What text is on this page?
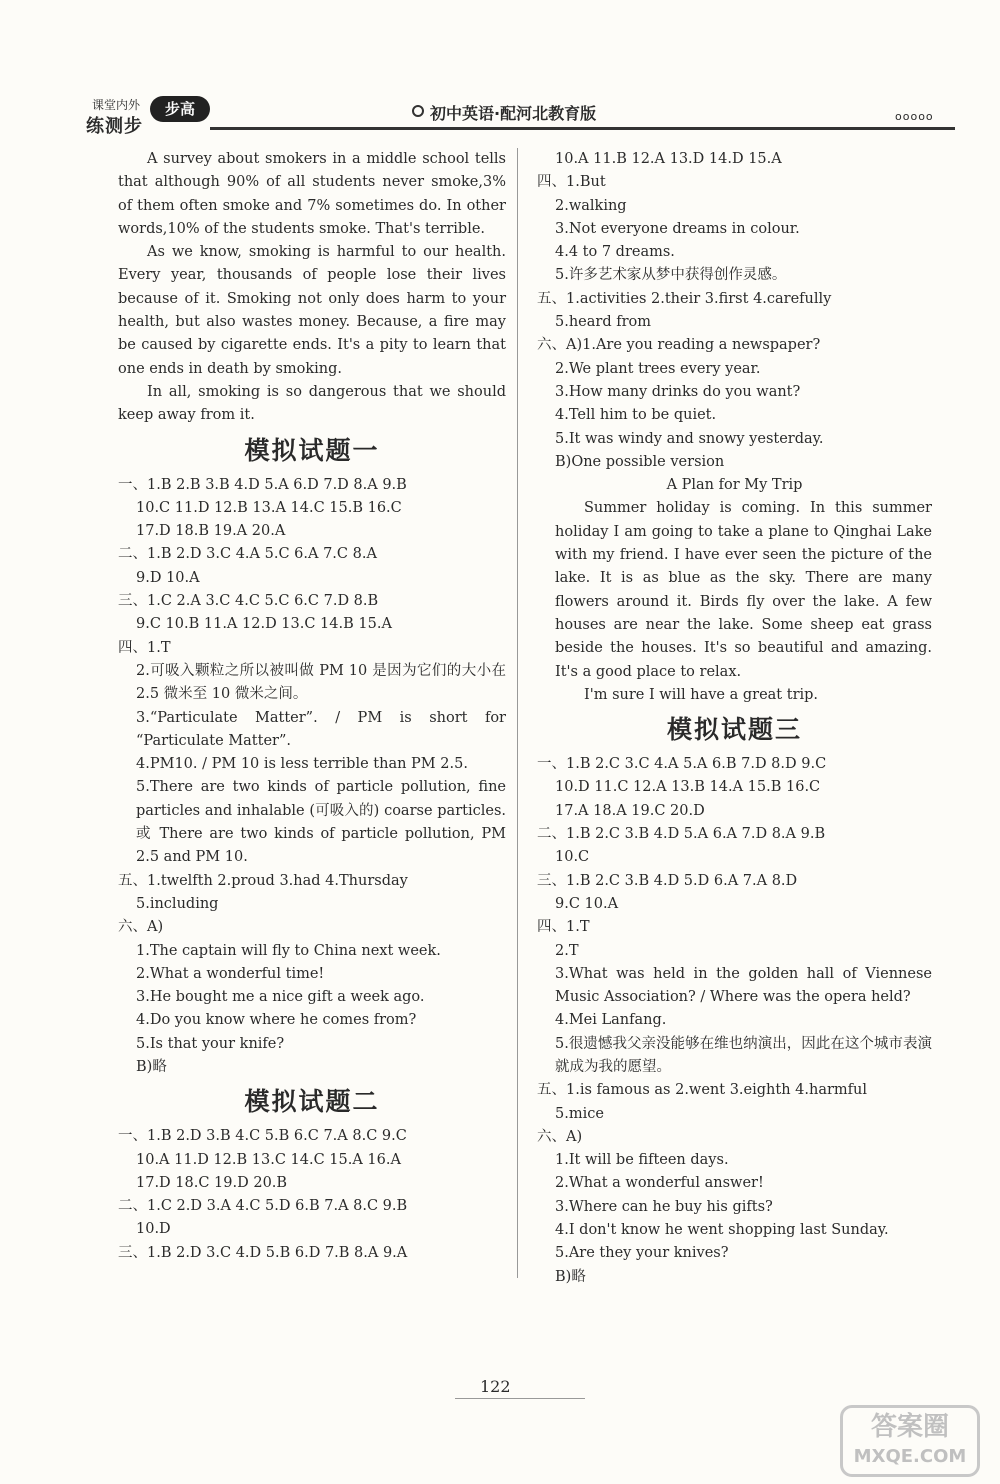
课堂内外
练测步
步高	初中英语·配河北教育版	ooooo
A survey about smokers in a middle school tells that although 90% of all students never smoke,3% of them often smoke and 7% sometimes do. In other words,10% of the students smoke. That's terrible.
As we know, smoking is harmful to our health. Every year, thousands of people lose their lives because of it. Smoking not only does harm to your health, but also wastes money. Because, a fire may be caused by cigarette ends. It's a pity to learn that one ends in death by smoking.
In all, smoking is so dangerous that we should keep away from it.
模拟试题一
一、1.B 2.B 3.B 4.D 5.A 6.D 7.D 8.A 9.B
10.C 11.D 12.B 13.A 14.C 15.B 16.C
17.D 18.B 19.A 20.A
二、1.B 2.D 3.C 4.A 5.C 6.A 7.C 8.A
9.D 10.A
三、1.C 2.A 3.C 4.C 5.C 6.C 7.D 8.B
9.C 10.B 11.A 12.D 13.C 14.B 15.A
四、1.T
2.可吸入颗粒之所以被叫做 PM 10 是因为它们的大小在 2.5 微米至 10 微米之间。
3.“Particulate Matter”. / PM is short for “Particulate Matter”.
4.PM10. / PM 10 is less terrible than PM 2.5.
5.There are two kinds of particle pollution, fine particles and inhalable (可吸入的) coarse particles. 或 There are two kinds of particle pollution, PM 2.5 and PM 10.
五、1.twelfth 2.proud 3.had 4.Thursday
5.including
六、A)
1.The captain will fly to China next week.
2.What a wonderful time!
3.He bought me a nice gift a week ago.
4.Do you know where he comes from?
5.Is that your knife?
B)略
模拟试题二
一、1.B 2.D 3.B 4.C 5.B 6.C 7.A 8.C 9.C
10.A 11.D 12.B 13.C 14.C 15.A 16.A
17.D 18.C 19.D 20.B
二、1.C 2.D 3.A 4.C 5.D 6.B 7.A 8.C 9.B
10.D
三、1.B 2.D 3.C 4.D 5.B 6.D 7.B 8.A 9.A
10.A 11.B 12.A 13.D 14.D 15.A
四、1.But
2.walking
3.Not everyone dreams in colour.
4.4 to 7 dreams.
5.许多艺术家从梦中获得创作灵感。
五、1.activities 2.their 3.first 4.carefully
5.heard from
六、A)1.Are you reading a newspaper?
2.We plant trees every year.
3.How many drinks do you want?
4.Tell him to be quiet.
5.It was windy and snowy yesterday.
B)One possible version
A Plan for My Trip
Summer holiday is coming. In this summer holiday I am going to take a plane to Qinghai Lake with my friend. I have ever seen the picture of the lake. It is as blue as the sky. There are many flowers around it. Birds fly over the lake. A few houses are near the lake. Some sheep eat grass beside the houses. It's so beautiful and amazing. It's a good place to relax.
I'm sure I will have a great trip.
模拟试题三
一、1.B 2.C 3.C 4.A 5.A 6.B 7.D 8.D 9.C
10.D 11.C 12.A 13.B 14.A 15.B 16.C
17.A 18.A 19.C 20.D
二、1.B 2.C 3.B 4.D 5.A 6.A 7.D 8.A 9.B
10.C
三、1.B 2.C 3.B 4.D 5.D 6.A 7.A 8.D
9.C 10.A
四、1.T
2.T
3.What was held in the golden hall of Viennese Music Association? / Where was the opera held?
4.Mei Lanfang.
5.很遗憾我父亲没能够在维也纳演出，因此在这个城市表演就成为我的愿望。
五、1.is famous as 2.went 3.eighth 4.harmful
5.mice
六、A)
1.It will be fifteen days.
2.What a wonderful answer!
3.Where can he buy his gifts?
4.I don't know he went shopping last Sunday.
5.Are they your knives?
B)略
122
答案圈
MXQE.COM
